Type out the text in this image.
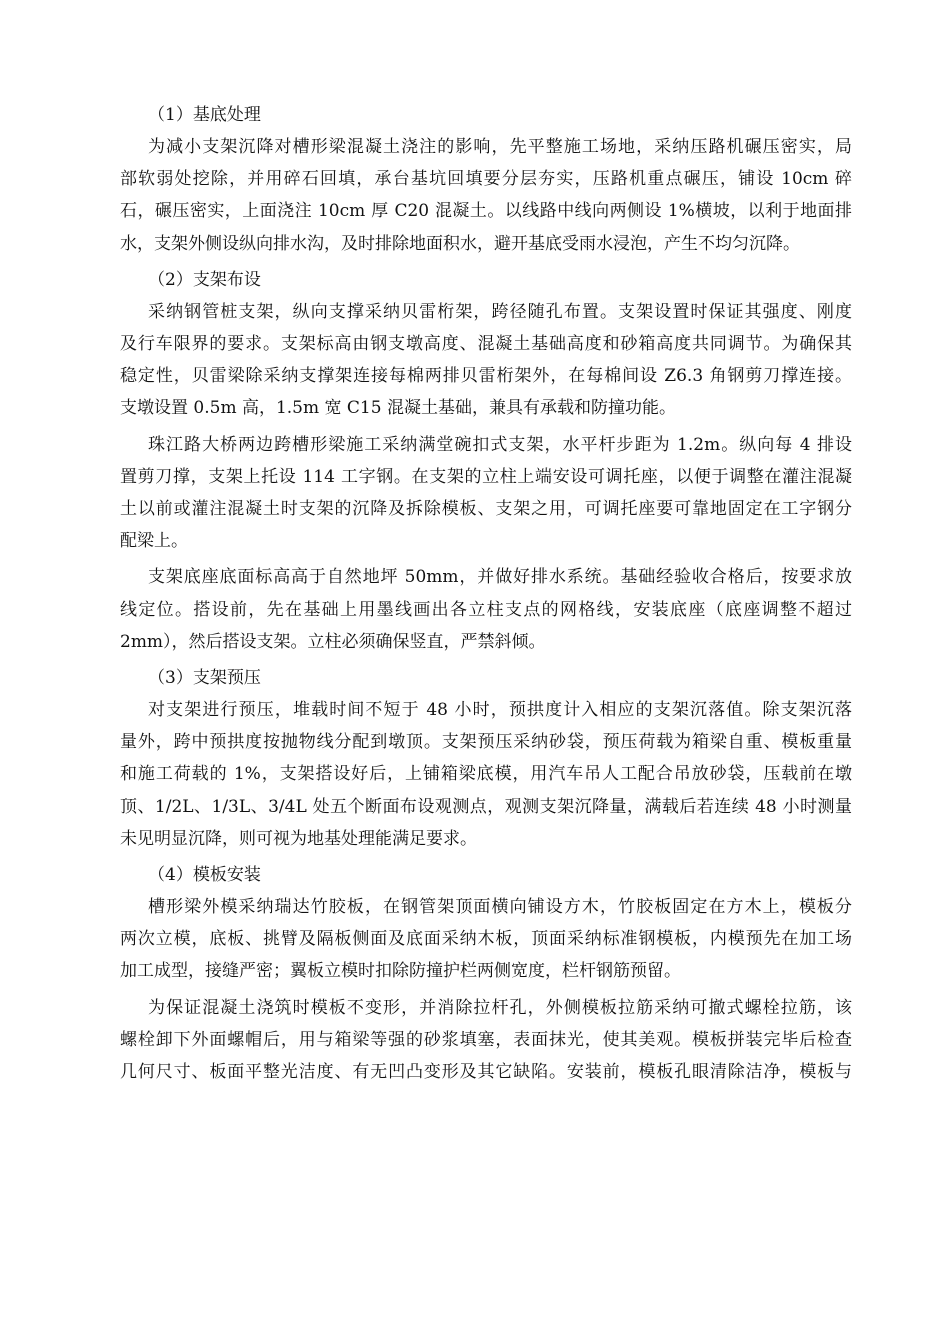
（1）基底处理

为减小支架沉降对槽形梁混凝土浇注的影响，先平整施工场地，采纳压路机碾压密实，局
部软弱处挖除，并用碎石回填，承台基坑回填要分层夯实，压路机重点碾压，铺设 10cm 碎
石，碾压密实，上面浇注 10cm 厚 C20 混凝土。以线路中线向两侧设 1%横坡，以利于地面排
水，支架外侧设纵向排水沟，及时排除地面积水，避开基底受雨水浸泡，产生不均匀沉降。

（2）支架布设

采纳钢管桩支架，纵向支撑采纳贝雷桁架，跨径随孔布置。支架设置时保证其强度、刚度
及行车限界的要求。支架标高由钢支墩高度、混凝土基础高度和砂箱高度共同调节。为确保其
稳定性，贝雷梁除采纳支撑架连接每棉两排贝雷桁架外，在每棉间设 Z6.3 角钢剪刀撑连接。
支墩设置 0.5m 高，1.5m 宽 C15 混凝土基础，兼具有承载和防撞功能。
珠江路大桥两边跨槽形梁施工采纳满堂碗扣式支架，水平杆步距为 1.2m。纵向每 4 排设
置剪刀撑，支架上托设 114 工字钢。在支架的立柱上端安设可调托座，以便于调整在灌注混凝
土以前或灌注混凝土时支架的沉降及拆除模板、支架之用，可调托座要可靠地固定在工字钢分
配梁上。
支架底座底面标高高于自然地坪 50mm，并做好排水系统。基础经验收合格后，按要求放
线定位。搭设前，先在基础上用墨线画出各立柱支点的网格线，安装底座（底座调整不超过
2mm），然后搭设支架。立柱必须确保竖直，严禁斜倾。

（3）支架预压

对支架进行预压，堆载时间不短于 48 小时，预拱度计入相应的支架沉落值。除支架沉落
量外，跨中预拱度按抛物线分配到墩顶。支架预压采纳砂袋，预压荷载为箱梁自重、模板重量
和施工荷载的 1%，支架搭设好后，上铺箱梁底模，用汽车吊人工配合吊放砂袋，压载前在墩
顶、1/2L、1/3L、3/4L 处五个断面布设观测点，观测支架沉降量，满载后若连续 48 小时测量
未见明显沉降，则可视为地基处理能满足要求。

（4）模板安装

槽形梁外模采纳瑞达竹胶板，在钢管架顶面横向铺设方木，竹胶板固定在方木上，模板分
两次立模，底板、挑臂及隔板侧面及底面采纳木板，顶面采纳标准钢模板，内模预先在加工场
加工成型，接缝严密；翼板立模时扣除防撞护栏两侧宽度，栏杆钢筋预留。
为保证混凝土浇筑时模板不变形，并消除拉杆孔，外侧模板拉筋采纳可撤式螺栓拉筋，该
螺栓卸下外面螺帽后，用与箱梁等强的砂浆填塞，表面抹光，使其美观。模板拼装完毕后检查
几何尺寸、板面平整光洁度、有无凹凸变形及其它缺陷。安装前，模板孔眼清除洁净，模板与
